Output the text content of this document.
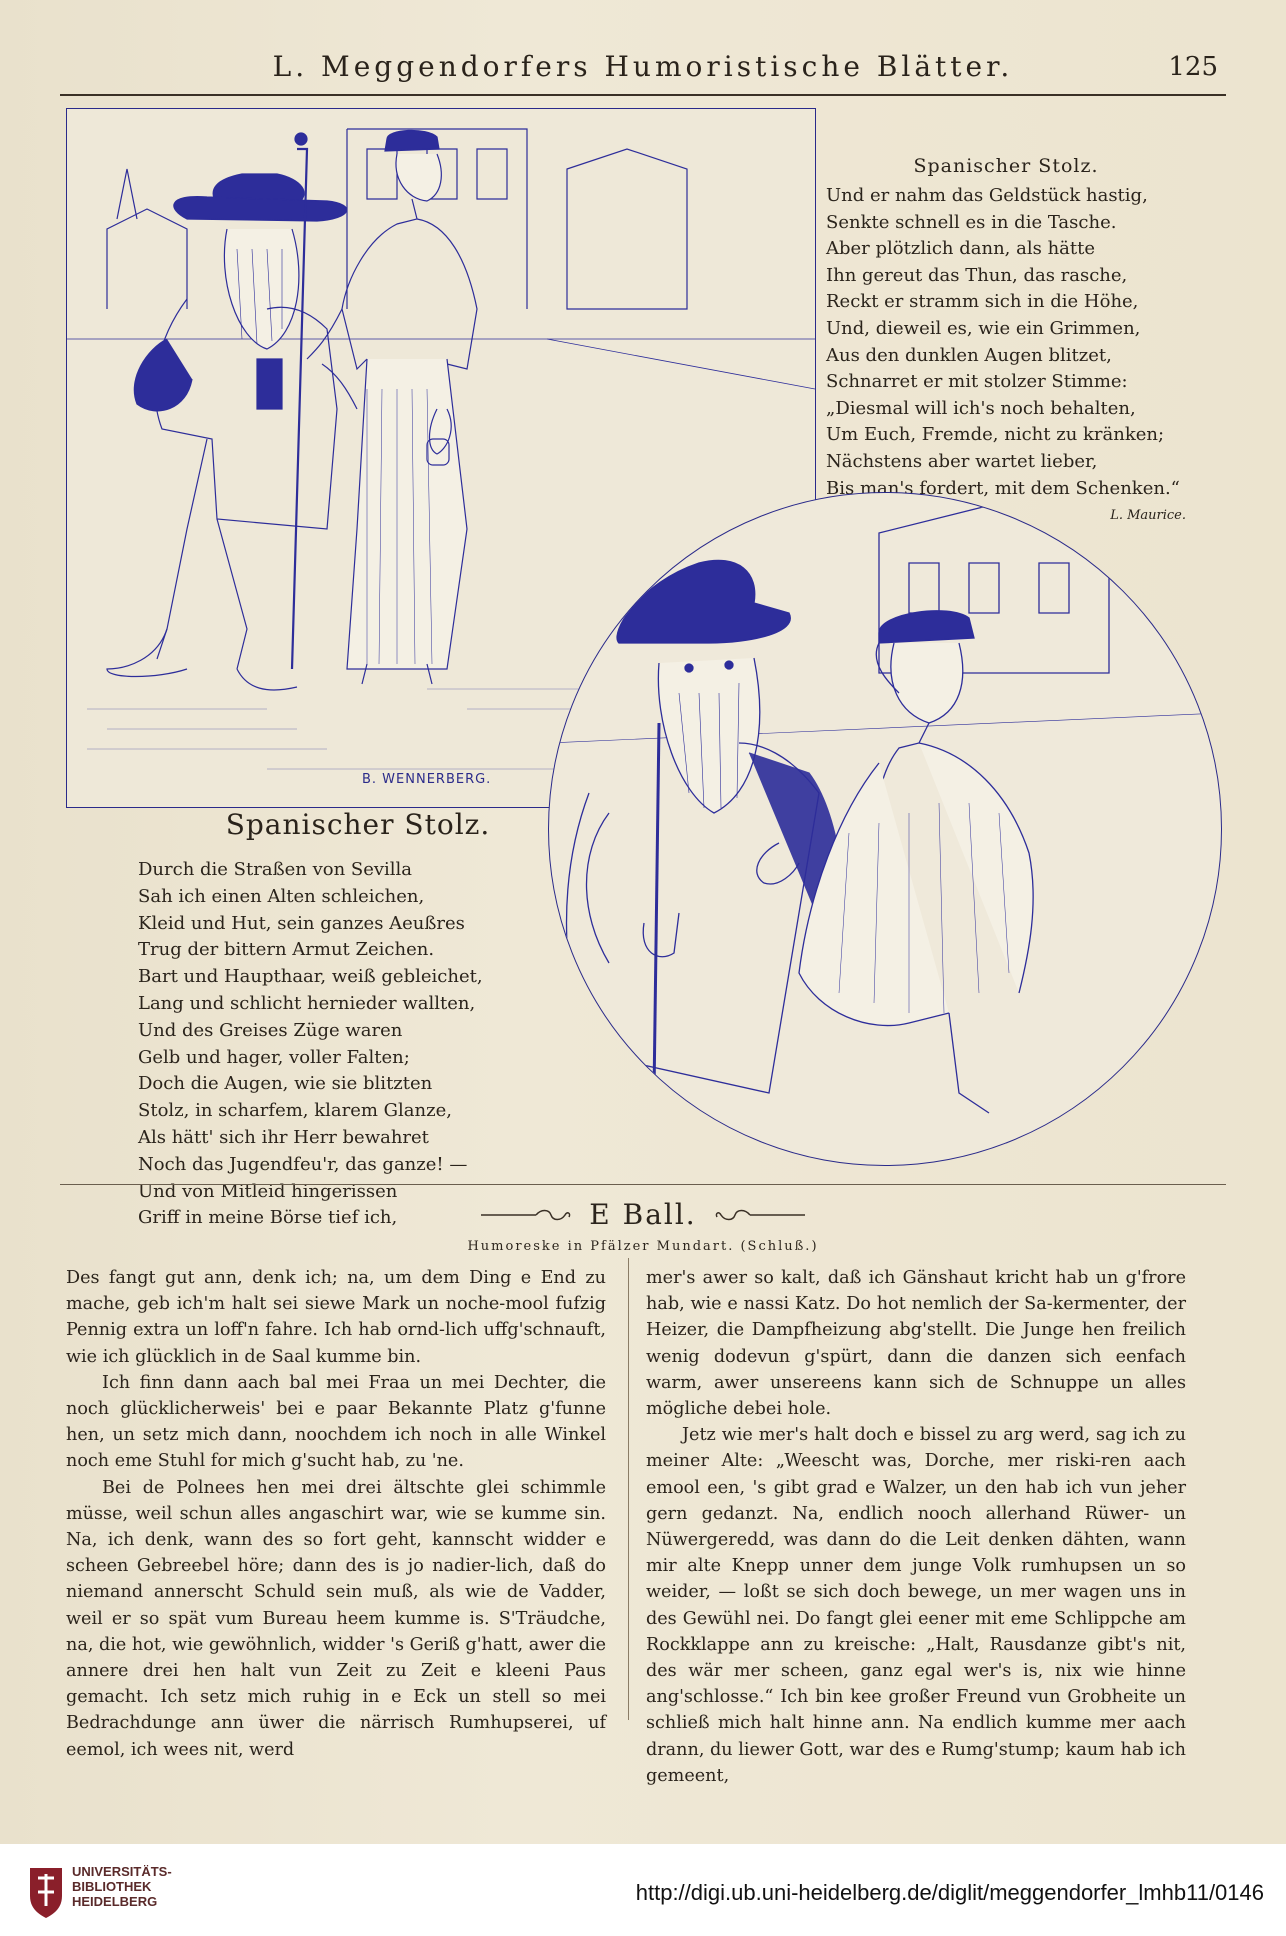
L. Meggendorfers Humoristische Blätter.	125
B. WENNERBERG.
Spanischer Stolz.
Und er nahm das Geldstück hastig,
Senkte schnell es in die Tasche.
Aber plötzlich dann, als hätte
Ihn gereut das Thun, das rasche,
Reckt er stramm sich in die Höhe,
Und, dieweil es, wie ein Grimmen,
Aus den dunklen Augen blitzet,
Schnarret er mit stolzer Stimme:
„Diesmal will ich's noch behalten,
Um Euch, Fremde, nicht zu kränken;
Nächstens aber wartet lieber,
Bis man's fordert, mit dem Schenken.“
L. Maurice.
Spanischer Stolz.
Durch die Straßen von Sevilla
Sah ich einen Alten schleichen,
Kleid und Hut, sein ganzes Aeußres
Trug der bittern Armut Zeichen.
Bart und Haupthaar, weiß gebleichet,
Lang und schlicht hernieder wallten,
Und des Greises Züge waren
Gelb und hager, voller Falten;
Doch die Augen, wie sie blitzten
Stolz, in scharfem, klarem Glanze,
Als hätt' sich ihr Herr bewahret
Noch das Jugendfeu'r, das ganze! —
Und von Mitleid hingerissen
Griff in meine Börse tief ich,	E Ball.
Humoreske in Pfälzer Mundart. (Schluß.)

Des fangt gut ann, denk ich; na, um dem Ding e End zu mache, geb ich'm halt sei siewe Mark un noche-mool fufzig Pennig extra un loff'n fahre. Ich hab ornd-lich uffg'schnauft, wie ich glücklich in de Saal kumme bin.

Ich finn dann aach bal mei Fraa un mei Dechter, die noch glücklicherweis' bei e paar Bekannte Platz g'funne hen, un setz mich dann, noochdem ich noch in alle Winkel noch eme Stuhl for mich g'sucht hab, zu 'ne.

Bei de Polnees hen mei drei ältschte glei schimmle müsse, weil schun alles angaschirt war, wie se kumme sin. Na, ich denk, wann des so fort geht, kannscht widder e scheen Gebreebel höre; dann des is jo nadier-lich, daß do niemand annerscht Schuld sein muß, als wie de Vadder, weil er so spät vum Bureau heem kumme is. S'Träudche, na, die hot, wie gewöhnlich, widder 's Geriß g'hatt, awer die annere drei hen halt vun Zeit zu Zeit e kleeni Paus gemacht. Ich setz mich ruhig in e Eck un stell so mei Bedrachdunge ann üwer die närrisch Rumhupserei, uf eemol, ich wees nit, werd

mer's awer so kalt, daß ich Gänshaut kricht hab un g'frore hab, wie e nassi Katz. Do hot nemlich der Sa-kermenter, der Heizer, die Dampfheizung abg'stellt. Die Junge hen freilich wenig dodevun g'spürt, dann die danzen sich eenfach warm, awer unsereens kann sich de Schnuppe un alles mögliche debei hole.

Jetz wie mer's halt doch e bissel zu arg werd, sag ich zu meiner Alte: „Weescht was, Dorche, mer riski-ren aach emool een, 's gibt grad e Walzer, un den hab ich vun jeher gern gedanzt. Na, endlich nooch allerhand Rüwer- un Nüwergeredd, was dann do die Leit denken dähten, wann mir alte Knepp unner dem junge Volk rumhupsen un so weider, — loßt se sich doch bewege, un mer wagen uns in des Gewühl nei. Do fangt glei eener mit eme Schlippche am Rockklappe ann zu kreische: „Halt, Rausdanze gibt's nit, des wär mer scheen, ganz egal wer's is, nix wie hinne ang'schlosse.“ Ich bin kee großer Freund vun Grobheite un schließ mich halt hinne ann. Na endlich kumme mer aach drann, du liewer Gott, war des e Rumg'stump; kaum hab ich gemeent,

UNIVERSITÄTS-
BIBLIOTHEK
HEIDELBERG	http://digi.ub.uni-heidelberg.de/diglit/meggendorfer_lmhb11/0146
